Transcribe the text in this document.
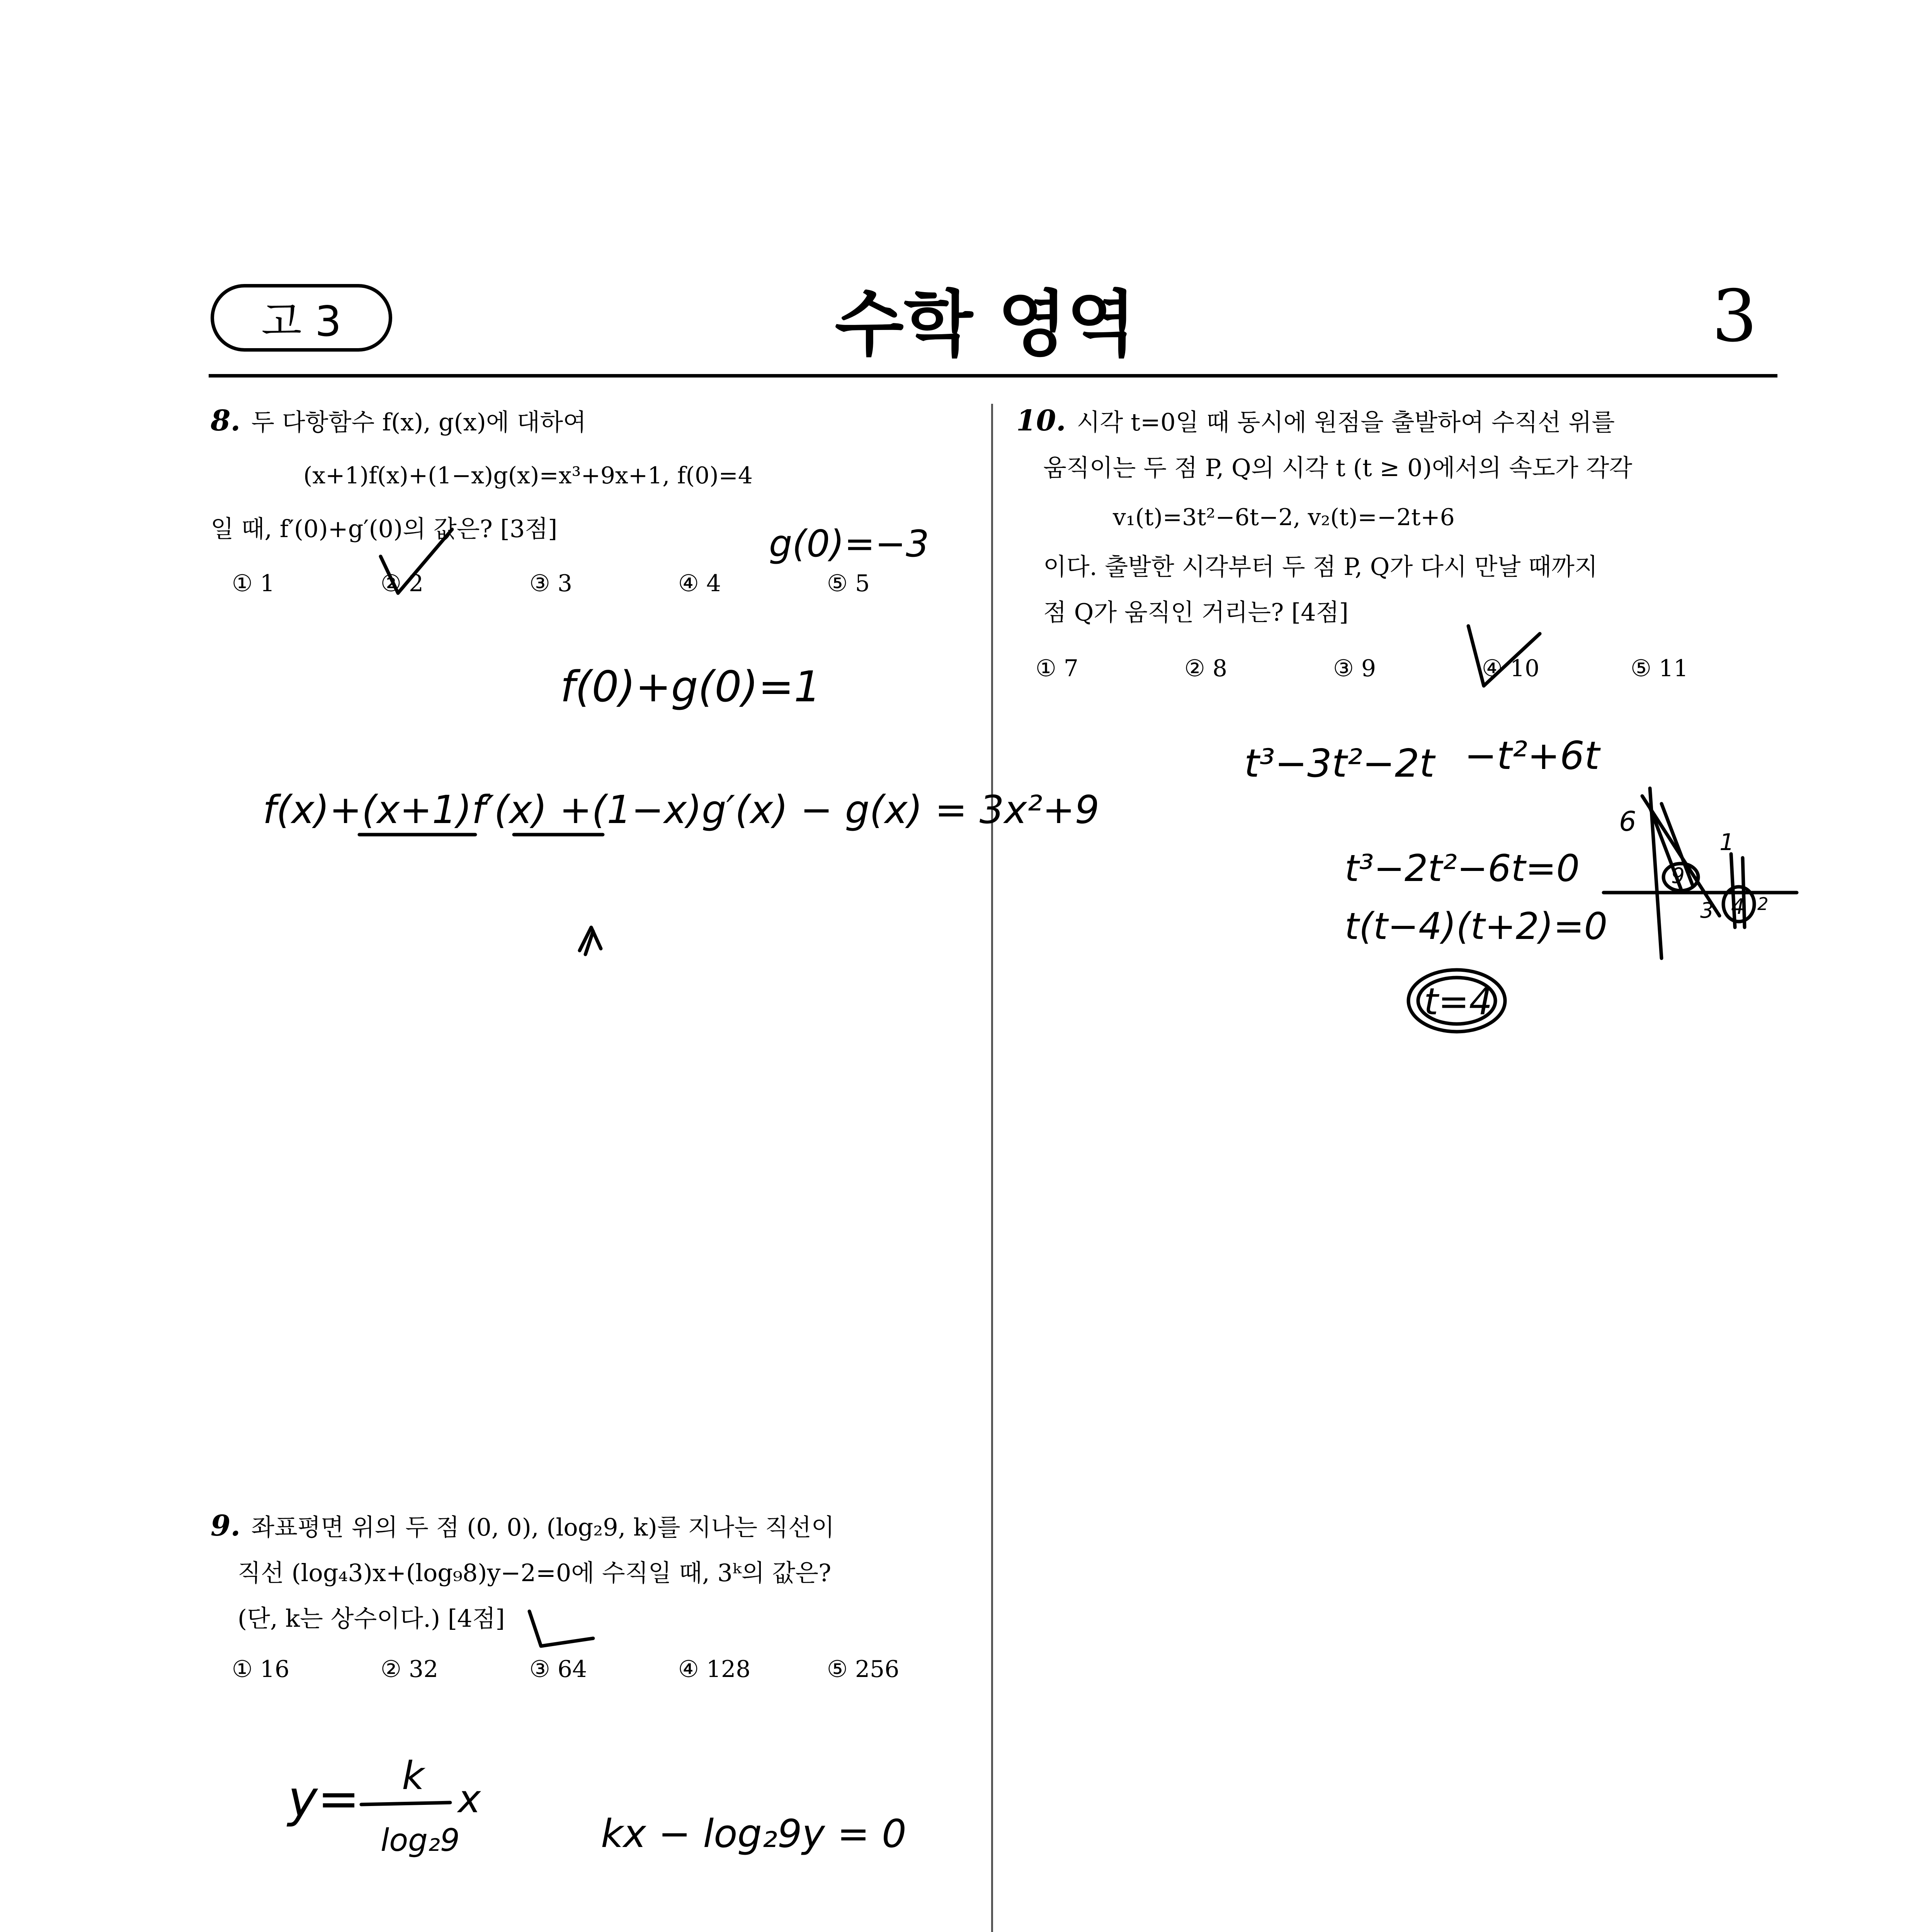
고 3	수학 영역	3

8. 두 다항함수 f(x), g(x)에 대하여

(x+1)f(x)+(1−x)g(x)=x³+9x+1, f(0)=4

일 때, f′(0)+g′(0)의 값은? [3점]

① 1	② 2	③ 3	④ 4	⑤ 5

9. 좌표평면 위의 두 점 (0, 0), (log₂9, k)를 지나는 직선이

직선 (log₄3)x+(log₉8)y−2=0에 수직일 때, 3ᵏ의 값은?

(단, k는 상수이다.) [4점]

① 16	② 32	③ 64	④ 128	⑤ 256

10. 시각 t=0일 때 동시에 원점을 출발하여 수직선 위를

움직이는 두 점 P, Q의 시각 t (t ≥ 0)에서의 속도가 각각

v₁(t)=3t²−6t−2, v₂(t)=−2t+6

이다. 출발한 시각부터 두 점 P, Q가 다시 만날 때까지

점 Q가 움직인 거리는? [4점]

① 7	② 8	③ 9	④ 10	⑤ 11
g(0)=−3
f(0)+g(0)=1
f(x)+(x+1)f′(x) +(1−x)g′(x) − g(x) = 3x²+9
y= k
log₂9
x
kx − log₂9y = 0
t³−3t²−2t −t²+6t
t³−2t²−6t=0
t(t−4)(t+2)=0
t=4
6
9
1
3 4 2
